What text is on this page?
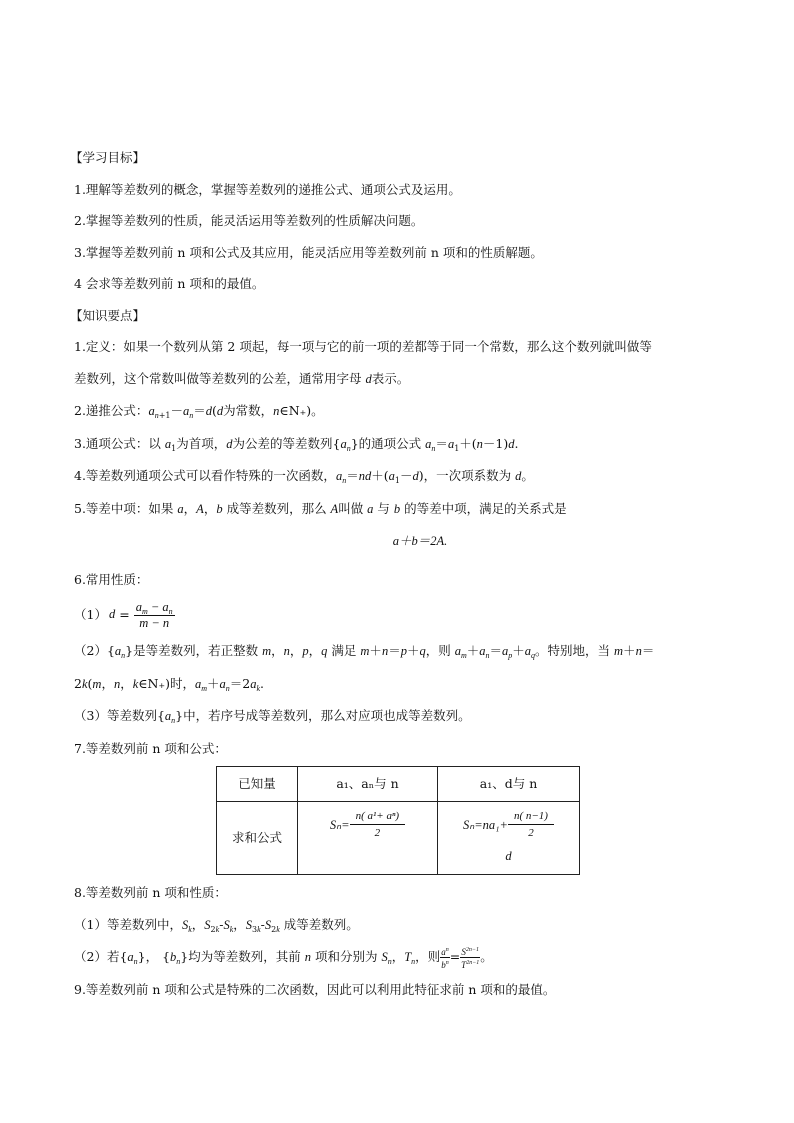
【学习目标】
1.理解等差数列的概念，掌握等差数列的递推公式、通项公式及运用。
2.掌握等差数列的性质，能灵活运用等差数列的性质解决问题。
3.掌握等差数列前 n 项和公式及其应用，能灵活应用等差数列前 n 项和的性质解题。
4 会求等差数列前 n 项和的最值。
【知识要点】
1.定义：如果一个数列从第 2 项起，每一项与它的前一项的差都等于同一个常数，那么这个数列就叫做等
差数列，这个常数叫做等差数列的公差，通常用字母 d表示。
2.递推公式：$a_{n+1}-a_n=d(d$为常数，n∈N₊)。
3.通项公式：以 $a_1$为首项，d为公差的等差数列$\{a_n\}$的通项公式 $a_n=a_1+(n-1)d$.
4.等差数列通项公式可以看作特殊的一次函数，$a_n=nd+(a_1-d)$，一次项系数为 d。
5.等差中项：如果 a，A，b 成等差数列，那么 A叫做 a 与 b 的等差中项，满足的关系式是
a＋b＝2A.
6.常用性质：
（1） $d = \frac{a_m - a_n}{m - n}$
$(2)\{a_n\}$是等差数列，若正整数 m，n，p，q 满足 m＋n＝p＋q，则 $a_m+a_n=a_p+a_q$。特别地，当 m＋n＝
2k(m，n，k∈N₊)时，$a_m+a_n=2a_k$.
（3）等差数列$\{a_n\}$中，若序号成等差数列，那么对应项也成等差数列。
7.等差数列前 n 项和公式：
已知量	a₁、aₙ与 n	a₁、d与 n
求和公式	$S_n= \frac{\text{n( a¹+ aⁿ)}}{2}$	$S_n=na_1+ \frac{n( n-1)}{2}$
d
8.等差数列前 n 项和性质：
（1）等差数列中，$S_k$，$S_{2k}-S_k$，$S_{3k}-S_{2k}$ 成等差数列。
（2）若$\{a_n\}$， $\{b_n\}$均为等差数列，其前 n 项和分别为 $S_n$，$T_n$，则 $\frac{a^n}{b^n} = \frac{S^{2n-1}}{T^{2n-1}}$ 。
9.等差数列前 n 项和公式是特殊的二次函数，因此可以利用此特征求前 n 项和的最值。
